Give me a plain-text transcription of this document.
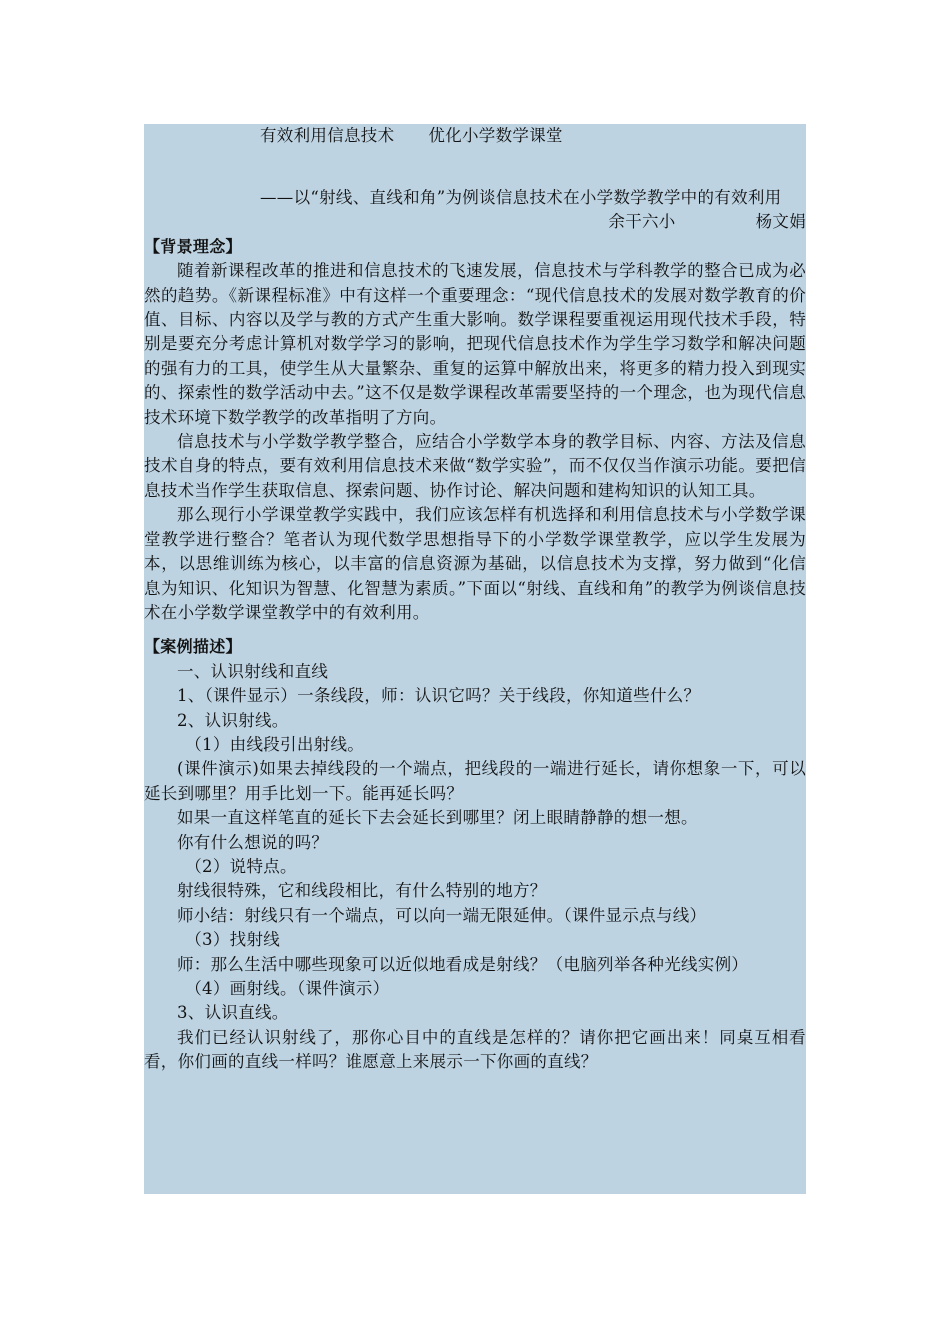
有效利用信息技术 优化小学数学课堂

——以“射线、直线和角”为例谈信息技术在小学数学教学中的有效利用

余干六小	杨文娟

【背景理念】

随着新课程改革的推进和信息技术的飞速发展，信息技术与学科教学的整合已成为必然的趋势。《新课程标准》中有这样一个重要理念：“现代信息技术的发展对数学教育的价值、目标、内容以及学与教的方式产生重大影响。数学课程要重视运用现代技术手段，特别是要充分考虑计算机对数学学习的影响，把现代信息技术作为学生学习数学和解决问题的强有力的工具，使学生从大量繁杂、重复的运算中解放出来，将更多的精力投入到现实的、探索性的数学活动中去。”这不仅是数学课程改革需要坚持的一个理念，也为现代信息技术环境下数学教学的改革指明了方向。

信息技术与小学数学教学整合，应结合小学数学本身的教学目标、内容、方法及信息技术自身的特点，要有效利用信息技术来做“数学实验”，而不仅仅当作演示功能。要把信息技术当作学生获取信息、探索问题、协作讨论、解决问题和建构知识的认知工具。

那么现行小学课堂教学实践中，我们应该怎样有机选择和利用信息技术与小学数学课堂教学进行整合？笔者认为现代数学思想指导下的小学数学课堂教学，应以学生发展为本，以思维训练为核心，以丰富的信息资源为基础，以信息技术为支撑，努力做到“化信息为知识、化知识为智慧、化智慧为素质。”下面以“射线、直线和角”的教学为例谈信息技术在小学数学课堂教学中的有效利用。

【案例描述】

一、认识射线和直线

1、（课件显示）一条线段，师：认识它吗？关于线段，你知道些什么？

2、认识射线。

（1）由线段引出射线。

(课件演示)如果去掉线段的一个端点，把线段的一端进行延长，请你想象一下，可以延长到哪里？用手比划一下。能再延长吗？

如果一直这样笔直的延长下去会延长到哪里？闭上眼睛静静的想一想。

你有什么想说的吗？

（2）说特点。

射线很特殊，它和线段相比，有什么特别的地方？

师小结：射线只有一个端点，可以向一端无限延伸。（课件显示点与线）

（3）找射线

师：那么生活中哪些现象可以近似地看成是射线？（电脑列举各种光线实例）

（4）画射线。（课件演示）

3、认识直线。

我们已经认识射线了，那你心目中的直线是怎样的？请你把它画出来！同桌互相看看，你们画的直线一样吗？谁愿意上来展示一下你画的直线？
